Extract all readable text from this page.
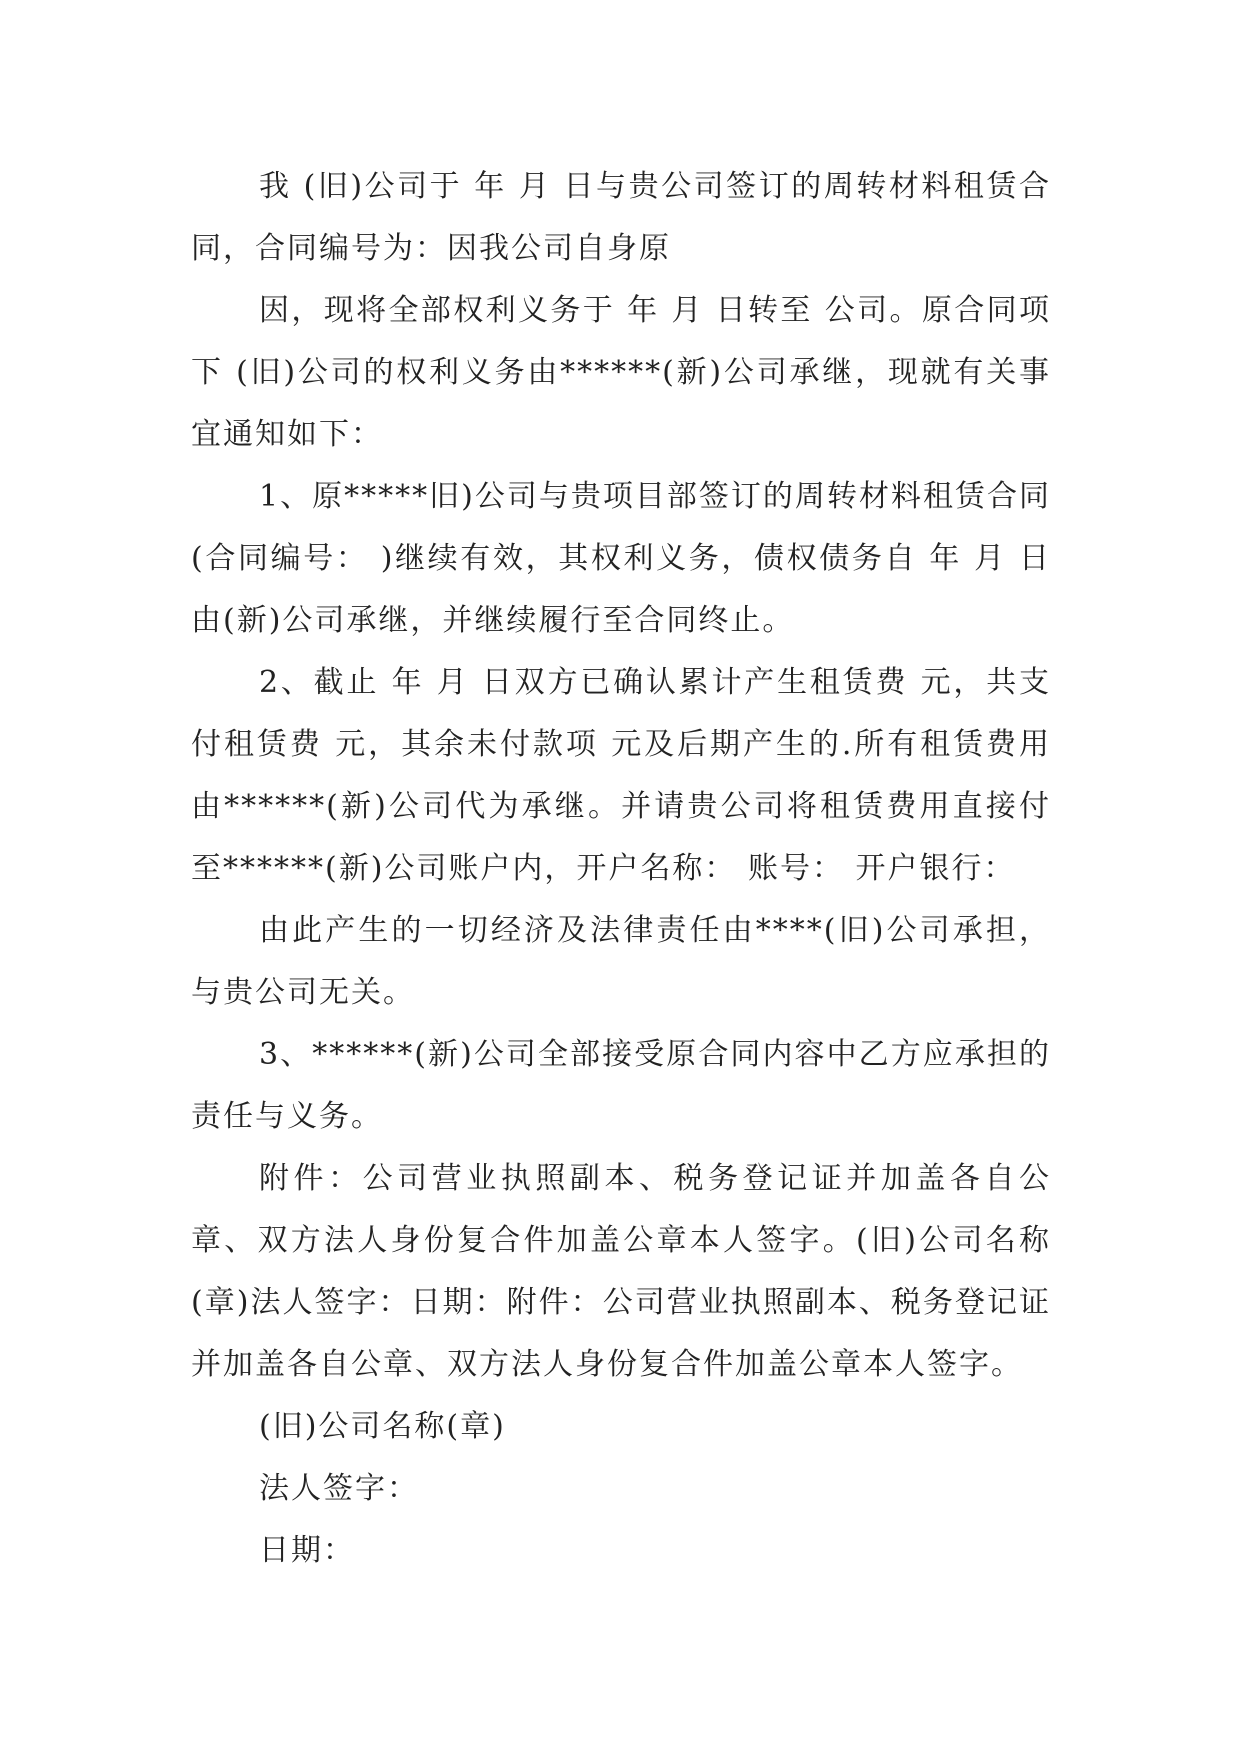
我 (旧)公司于 年 月 日与贵公司签订的周转材料租赁合同，合同编号为：因我公司自身原

因，现将全部权利义务于 年 月 日转至 公司。原合同项下 (旧)公司的权利义务由******(新)公司承继，现就有关事宜通知如下：

1、原*****旧)公司与贵项目部签订的周转材料租赁合同(合同编号： )继续有效，其权利义务，债权债务自 年 月 日由(新)公司承继，并继续履行至合同终止。

2、截止 年 月 日双方已确认累计产生租赁费 元，共支付租赁费 元，其余未付款项 元及后期产生的.所有租赁费用由******(新)公司代为承继。并请贵公司将租赁费用直接付至******(新)公司账户内，开户名称： 账号： 开户银行：

由此产生的一切经济及法律责任由****(旧)公司承担，与贵公司无关。

3、******(新)公司全部接受原合同内容中乙方应承担的责任与义务。

附件：公司营业执照副本、税务登记证并加盖各自公章、双方法人身份复合件加盖公章本人签字。(旧)公司名称(章)法人签字：日期：附件：公司营业执照副本、税务登记证并加盖各自公章、双方法人身份复合件加盖公章本人签字。

(旧)公司名称(章)

法人签字：

日期：
